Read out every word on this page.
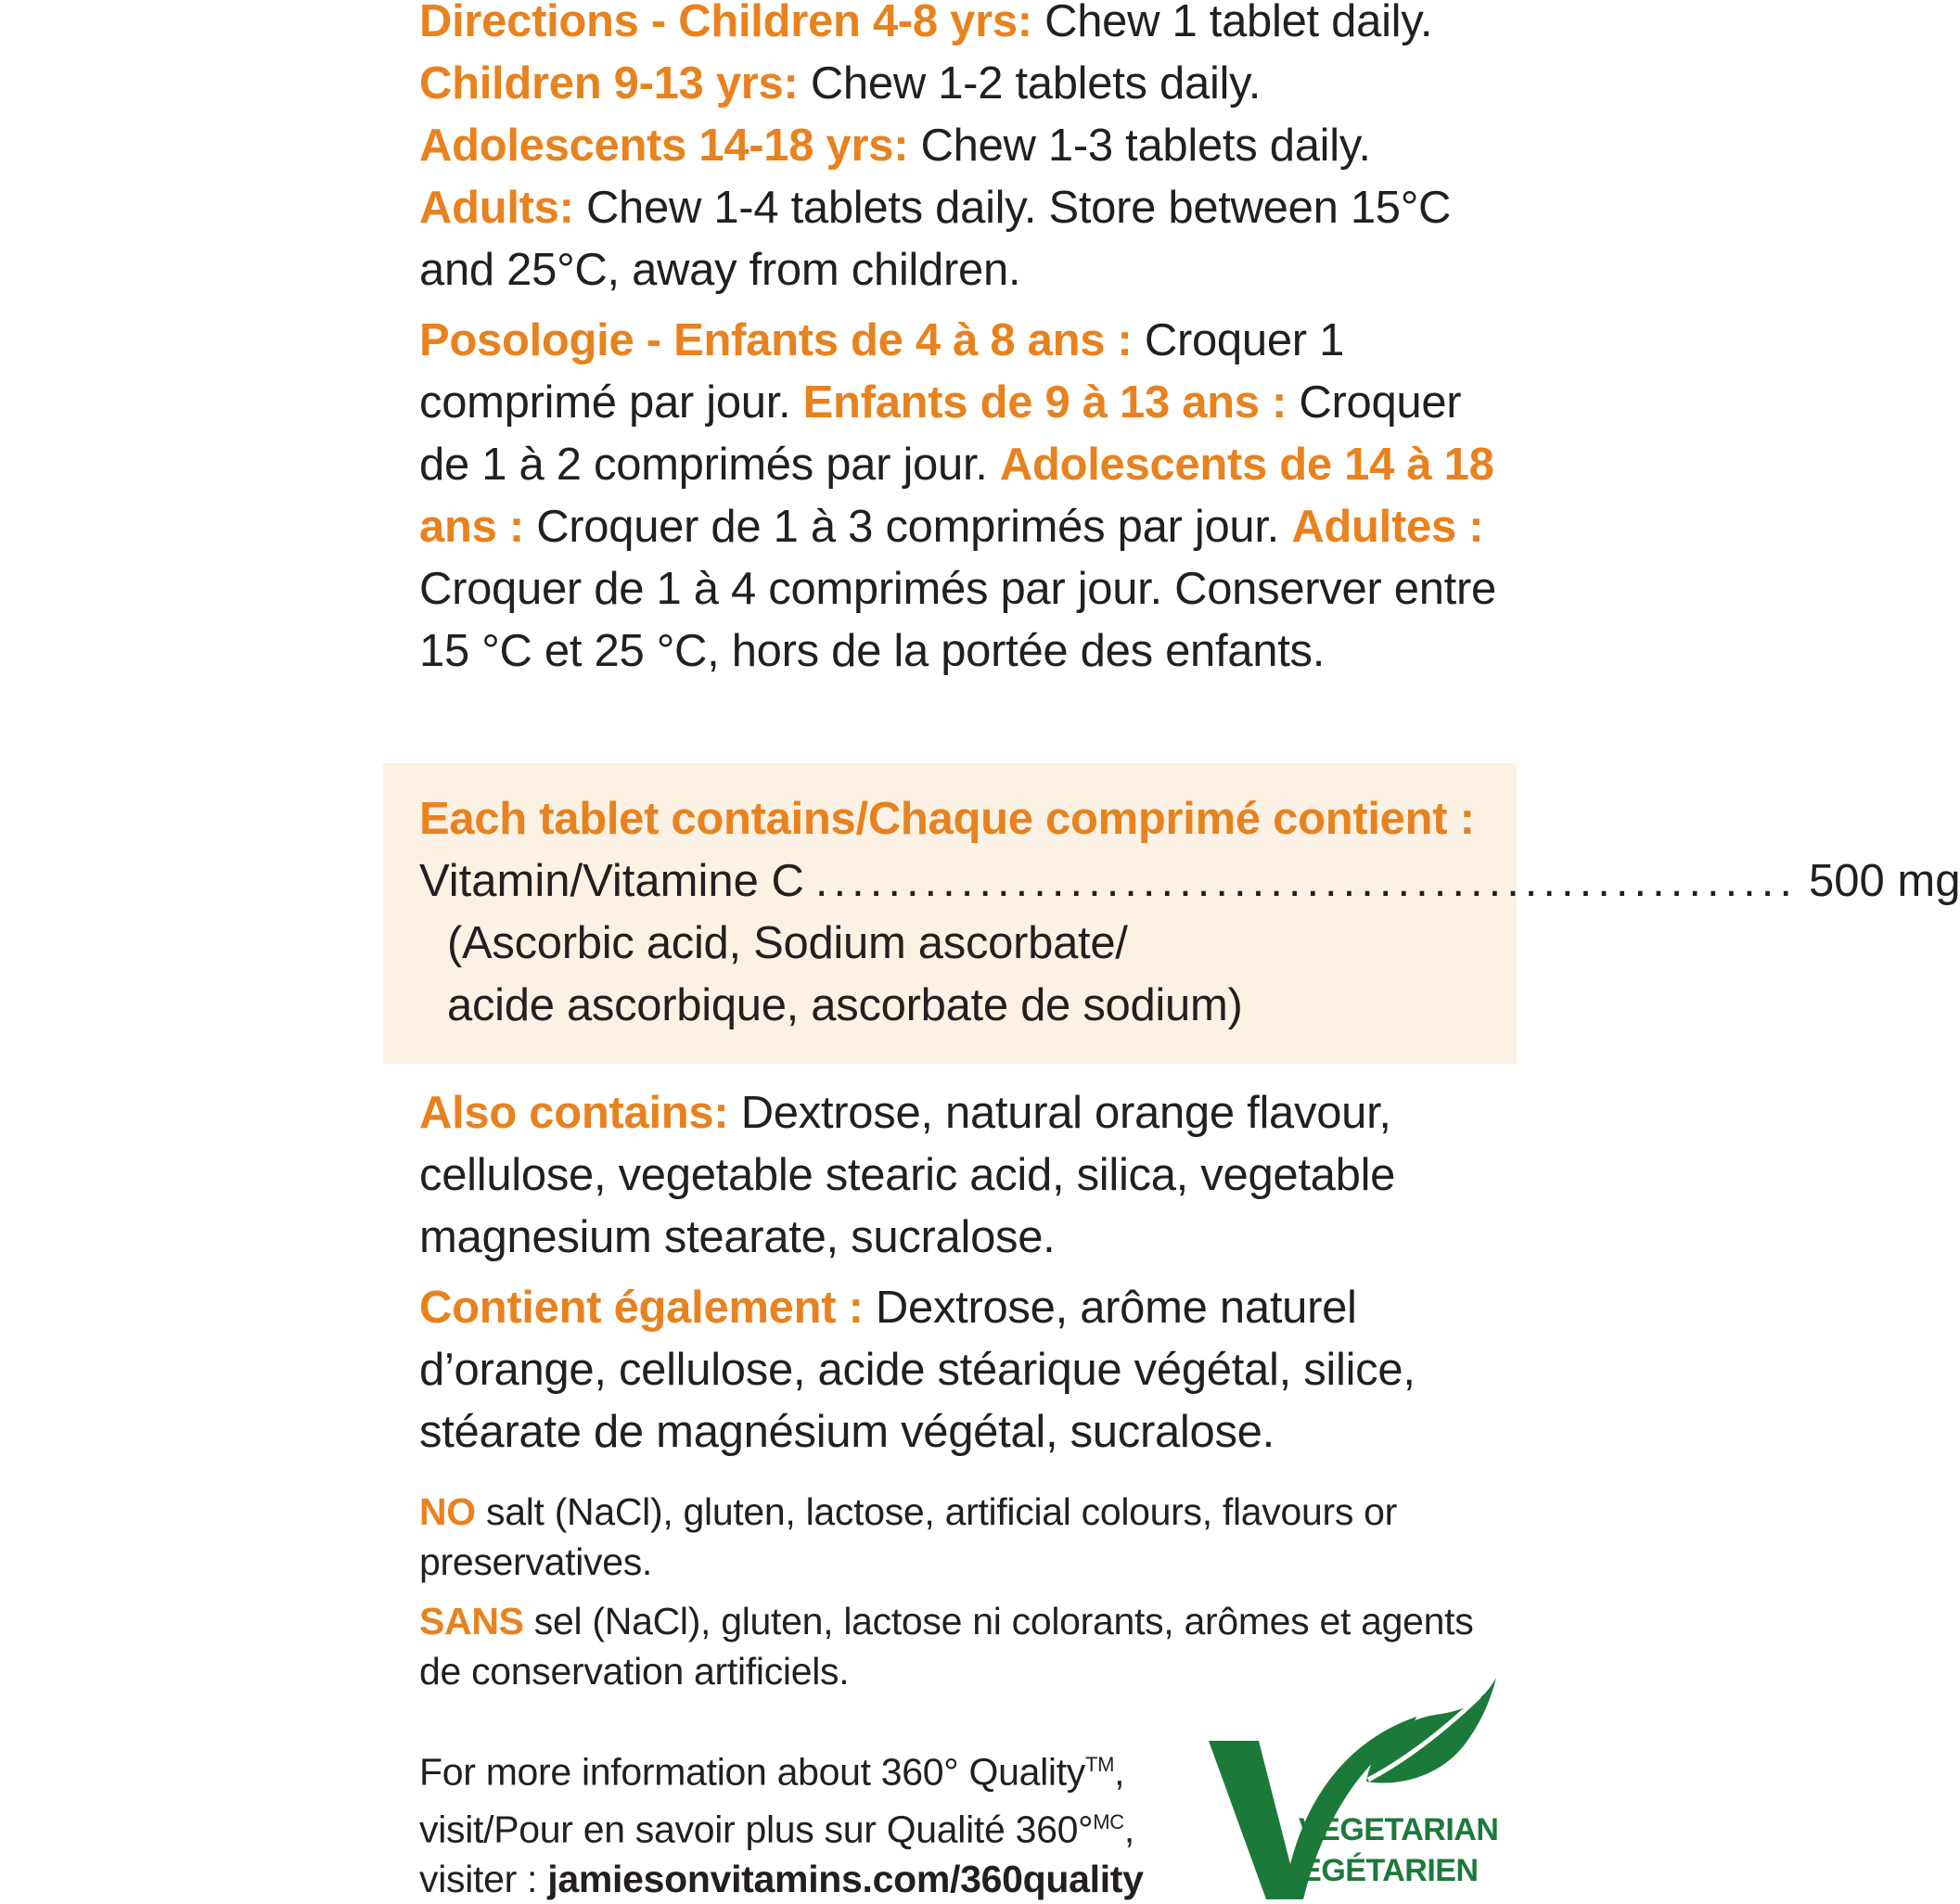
Directions - Children 4-8 yrs: Chew 1 tablet daily.
Children 9-13 yrs: Chew 1-2 tablets daily.
Adolescents 14-18 yrs: Chew 1-3 tablets daily.
Adults: Chew 1-4 tablets daily. Store between 15°C and 25°C, away from children.

Posologie - Enfants de 4 à 8 ans : Croquer 1 comprimé par jour. Enfants de 9 à 13 ans : Croquer de 1 à 2 comprimés par jour. Adolescents de 14 à 18 ans : Croquer de 1 à 3 comprimés par jour. Adultes : Croquer de 1 à 4 comprimés par jour. Conserver entre 15 °C et 25 °C, hors de la portée des enfants.

Each tablet contains/Chaque comprimé contient :
Vitamin/Vitamine C ...................................................... 500 mg

(Ascorbic acid, Sodium ascorbate/
acide ascorbique, ascorbate de sodium)

Also contains: Dextrose, natural orange flavour, cellulose, vegetable stearic acid, silica, vegetable magnesium stearate, sucralose.

Contient également : Dextrose, arôme naturel d’orange, cellulose, acide stéarique végétal, silice, stéarate de magnésium végétal, sucralose.

NO salt (NaCl), gluten, lactose, artificial colours, flavours or preservatives.

SANS sel (NaCl), gluten, lactose ni colorants, arômes et agents de conservation artificiels.

For more information about 360° Quality™,
visit/Pour en savoir plus sur Qualité 360°$^{MC}$,
visiter : jamiesonvitamins.com/360quality

VEGETARIAN
VÉGÉTARIEN
